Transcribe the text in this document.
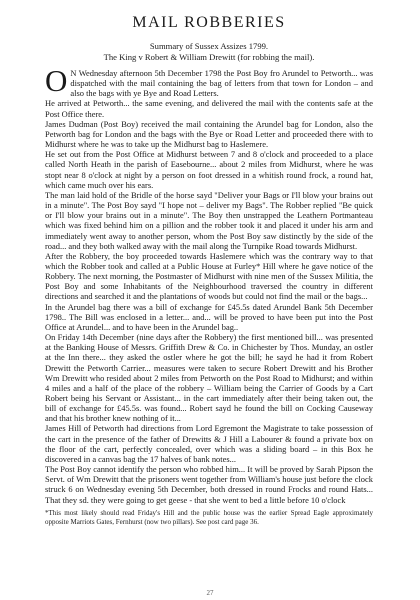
MAIL ROBBERIES
Summary of Sussex Assizes 1799.
The King v Robert & William Drewitt (for robbing the mail).

O N Wednesday afternoon 5th December 1798 the Post Boy fro Arundel to Petworth... was dispatched with the mail containing the bag of letters from that town for London – and also the bags with ye Bye and Road Letters.

He arrived at Petworth... the same evening, and delivered the mail with the contents safe at the Post Office there.

James Dudman (Post Boy) received the mail containing the Arundel bag for London, also the Petworth bag for London and the bags with the Bye or Road Letter and proceeded there with to Midhurst where he was to take up the Midhurst bag to Haslemere.

He set out from the Post Office at Midhurst between 7 and 8 o'clock and proceeded to a place called North Heath in the parish of Easebourne... about 2 miles from Midhurst, where he was stopt near 8 o'clock at night by a person on foot dressed in a whitish round frock, a round hat, which came much over his ears.

The man laid hold of the Bridle of the horse sayd "Deliver your Bags or I'll blow your brains out in a minute". The Post Boy sayd "I hope not – deliver my Bags". The Robber replied "Be quick or I'll blow your brains out in a minute". The Boy then unstrapped the Leathern Portmanteau which was fixed behind him on a pillion and the robber took it and placed it under his arm and immediately went away to another person, whom the Post Boy saw distinctly by the side of the road... and they both walked away with the mail along the Turnpike Road towards Midhurst.

After the Robbery, the boy proceeded towards Haslemere which was the contrary way to that which the Robber took and called at a Public House at Furley* Hill where he gave notice of the Robbery. The next morning, the Postmaster of Midhurst with nine men of the Sussex Militia, the Post Boy and some Inhabitants of the Neighbourhood traversed the country in different directions and searched it and the plantations of woods but could not find the mail or the bags...

In the Arundel bag there was a bill of exchange for £45.5s dated Arundel Bank 5th December 1798.. The Bill was enclosed in a letter... and... will be proved to have been put into the Post Office at Arundel... and to have been in the Arundel bag..

On Friday 14th December (nine days after the Robbery) the first mentioned bill... was presented at the Banking House of Messrs. Griffith Drew & Co. in Chichester by Thos. Munday, an ostler at the Inn there... they asked the ostler where he got the bill; he sayd he had it from Robert Drewitt the Petworth Carrier... measures were taken to secure Robert Drewitt and his Brother Wm Drewitt who resided about 2 miles from Petworth on the Post Road to Midhurst; and within 4 miles and a half of the place of the robbery – William being the Carrier of Goods by a Cart Robert being his Servant or Assistant... in the cart immediately after their being taken out, the bill of exchange for £45.5s. was found... Robert sayd he found the bill on Cocking Causeway and that his brother knew nothing of it...

James Hill of Petworth had directions from Lord Egremont the Magistrate to take possession of the cart in the presence of the father of Drewitts & J Hill a Labourer & found a private box on the floor of the cart, perfectly concealed, over which was a sliding board – in this Box he discovered in a canvas bag the 17 halves of bank notes...

The Post Boy cannot identify the person who robbed him... It will be proved by Sarah Pipson the Servt. of Wm Drewitt that the prisoners went together from William's house just before the clock struck 6 on Wednesday evening 5th December, both dressed in round Frocks and round Hats... That they sd. they were going to get geese - that she went to bed a little before 10 o'clock

*This most likely should read Friday's Hill and the public house was the earlier Spread Eagle approximately opposite Marriots Gates, Fernhurst (now two pillars). See post card page 36.
27
